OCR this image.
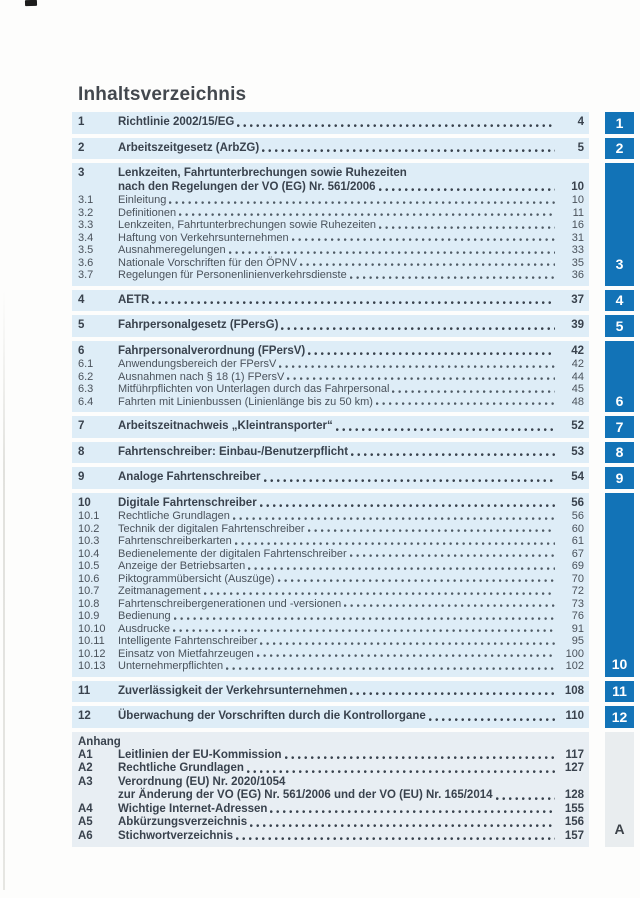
Inhaltsverzeichnis
1	Richtlinie 2002/15/EG	4	1
2	Arbeitszeitgesetz (ArbZG)	5	2
3	Lenkzeiten, Fahrtunterbrechungen sowie Ruhezeiten
nach den Regelungen der VO (EG) Nr. 561/2006	10
3.1	Einleitung	10
3.2	Definitionen	11
3.3	Lenkzeiten, Fahrtunterbrechungen sowie Ruhezeiten	16
3.4	Haftung von Verkehrsunternehmen	31
3.5	Ausnahmeregelungen	33
3.6	Nationale Vorschriften für den ÖPNV	35
3.7	Regelungen für Personenlinienverkehrsdienste	36
3
4	AETR	37	4
5	Fahrpersonalgesetz (FPersG)	39	5
6	Fahrpersonalverordnung (FPersV)	42
6.1	Anwendungsbereich der FPersV	42
6.2	Ausnahmen nach § 18 (1) FPersV	44
6.3	Mitführpflichten von Unterlagen durch das Fahrpersonal	45
6.4	Fahrten mit Linienbussen (Linienlänge bis zu 50 km)	48	6
7	Arbeitszeitnachweis „Kleintransporter“	52	7
8	Fahrtenschreiber: Einbau-/Benutzerpflicht	53	8
9	Analoge Fahrtenschreiber	54	9
10	Digitale Fahrtenschreiber	56
10.1	Rechtliche Grundlagen	56
10.2	Technik der digitalen Fahrtenschreiber	60
10.3	Fahrtenschreiberkarten	61
10.4	Bedienelemente der digitalen Fahrtenschreiber	67
10.5	Anzeige der Betriebsarten	69
10.6	Piktogrammübersicht (Auszüge)	70
10.7	Zeitmanagement	72
10.8	Fahrtenschreibergenerationen und -versionen	73
10.9	Bedienung	76
10.10	Ausdrucke	91
10.11	Intelligente Fahrtenschreiber	95
10.12	Einsatz von Mietfahrzeugen	100
10.13	Unternehmerpflichten	102	10
11	Zuverlässigkeit der Verkehrsunternehmen	108	11
12	Überwachung der Vorschriften durch die Kontrollorgane	110	12
Anhang
A1	Leitlinien der EU-Kommission	117
A2	Rechtliche Grundlagen	127
A3	Verordnung (EU) Nr. 2020/1054
zur Änderung der VO (EG) Nr. 561/2006 und der VO (EU) Nr. 165/2014	128
A4	Wichtige Internet-Adressen	155
A5	Abkürzungsverzeichnis	156
A6	Stichwortverzeichnis	157	A
